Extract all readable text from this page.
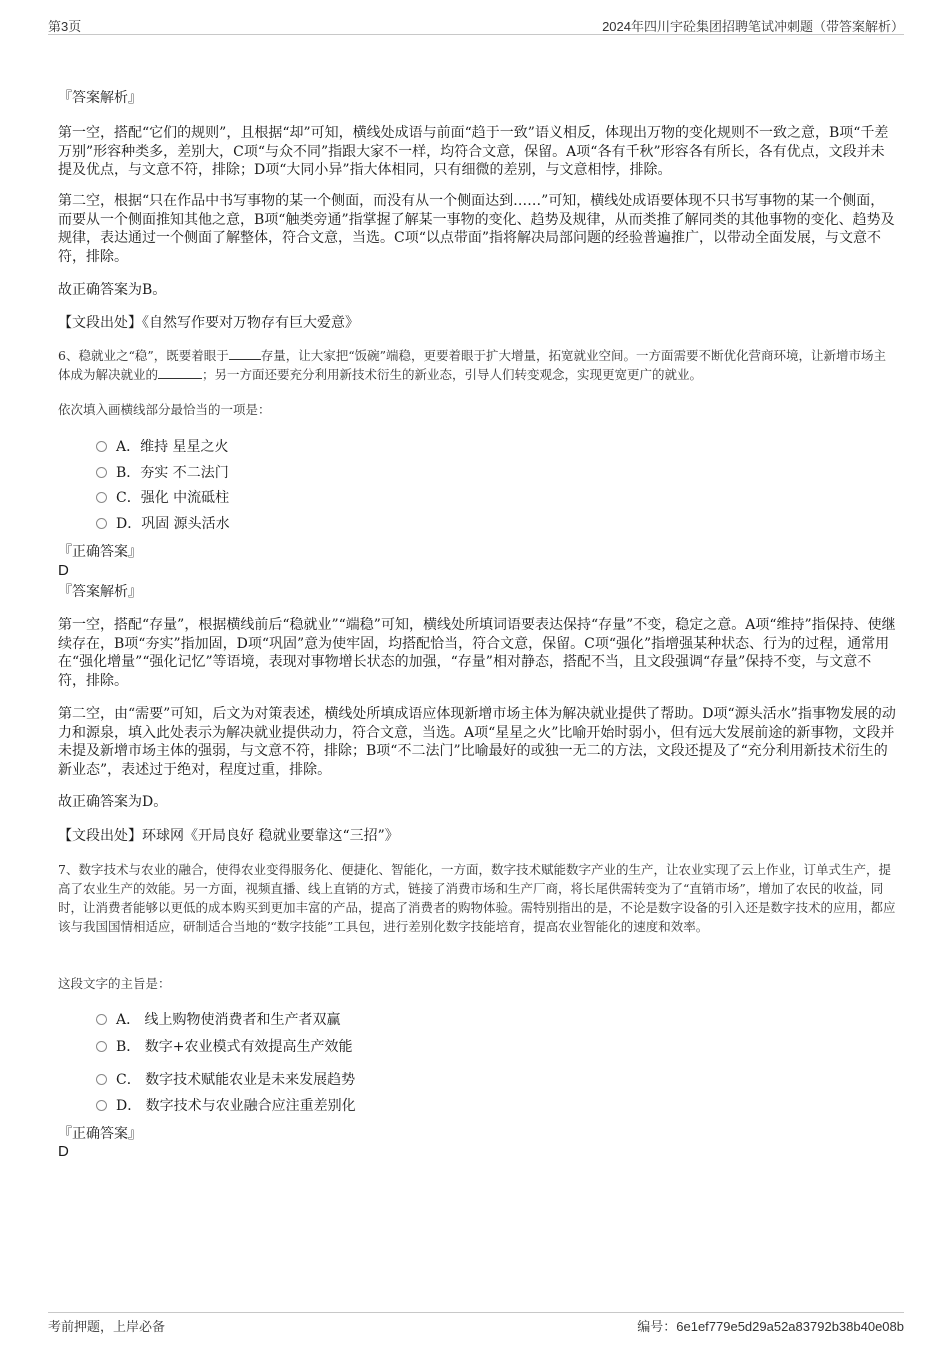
第3页	2024年四川宇砼集团招聘笔试冲刺题（带答案解析）
『答案解析』

第一空，搭配“它们的规则”，且根据“却”可知，横线处成语与前面“趋于一致”语义相反，体现出万物的变化规则不一致之意，B项“千差万别”形容种类多，差别大，C项“与众不同”指跟大家不一样，均符合文意，保留。A项“各有千秋”形容各有所长，各有优点，文段并未提及优点，与文意不符，排除；D项“大同小异”指大体相同，只有细微的差别，与文意相悖，排除。

第二空，根据“只在作品中书写事物的某一个侧面，而没有从一个侧面达到……”可知，横线处成语要体现不只书写事物的某一个侧面，而要从一个侧面推知其他之意，B项“触类旁通”指掌握了解某一事物的变化、趋势及规律，从而类推了解同类的其他事物的变化、趋势及规律，表达通过一个侧面了解整体，符合文意，当选。C项“以点带面”指将解决局部问题的经验普遍推广，以带动全面发展，与文意不符，排除。

故正确答案为B。
【文段出处】《自然写作要对万物存有巨大爱意》

6、稳就业之“稳”，既要着眼于	存量，让大家把“饭碗”端稳，更要着眼于扩大增量，拓宽就业空间。一方面需要不断优化营商环境，让新增市场主体成为解决就业的	；另一方面还要充分利用新技术衍生的新业态，引导人们转变观念，实现更宽更广的就业。

依次填入画横线部分最恰当的一项是：

A．维持 星星之火
B．夯实 不二法门
C．强化 中流砥柱
D．巩固 源头活水
『正确答案』
D
『答案解析』

第一空，搭配“存量”，根据横线前后“稳就业”“端稳”可知，横线处所填词语要表达保持“存量”不变，稳定之意。A项“维持”指保持、使继续存在，B项“夯实”指加固，D项“巩固”意为使牢固，均搭配恰当，符合文意，保留。C项“强化”指增强某种状态、行为的过程，通常用在“强化增量”“强化记忆”等语境，表现对事物增长状态的加强，“存量”相对静态，搭配不当，且文段强调“存量”保持不变，与文意不符，排除。

第二空，由“需要”可知，后文为对策表述，横线处所填成语应体现新增市场主体为解决就业提供了帮助。D项“源头活水”指事物发展的动力和源泉，填入此处表示为解决就业提供动力，符合文意，当选。A项“星星之火”比喻开始时弱小，但有远大发展前途的新事物，文段并未提及新增市场主体的强弱，与文意不符，排除；B项“不二法门”比喻最好的或独一无二的方法，文段还提及了“充分利用新技术衍生的新业态”，表述过于绝对，程度过重，排除。

故正确答案为D。
【文段出处】环球网《开局良好 稳就业要靠这“三招”》

7、数字技术与农业的融合，使得农业变得服务化、便捷化、智能化，一方面，数字技术赋能数字产业的生产，让农业实现了云上作业，订单式生产，提高了农业生产的效能。另一方面，视频直播、线上直销的方式，链接了消费市场和生产厂商，将长尾供需转变为了“直销市场”，增加了农民的收益，同时，让消费者能够以更低的成本购买到更加丰富的产品，提高了消费者的购物体验。需特别指出的是，不论是数字设备的引入还是数字技术的应用，都应该与我国国情相适应，研制适合当地的“数字技能”工具包，进行差别化数字技能培育，提高农业智能化的速度和效率。

这段文字的主旨是：

A． 线上购物使消费者和生产者双赢
B． 数字+农业模式有效提高生产效能
C． 数字技术赋能农业是未来发展趋势
D． 数字技术与农业融合应注重差别化
『正确答案』
D
考前押题，上岸必备	编号：6e1ef779e5d29a52a83792b38b40e08b
